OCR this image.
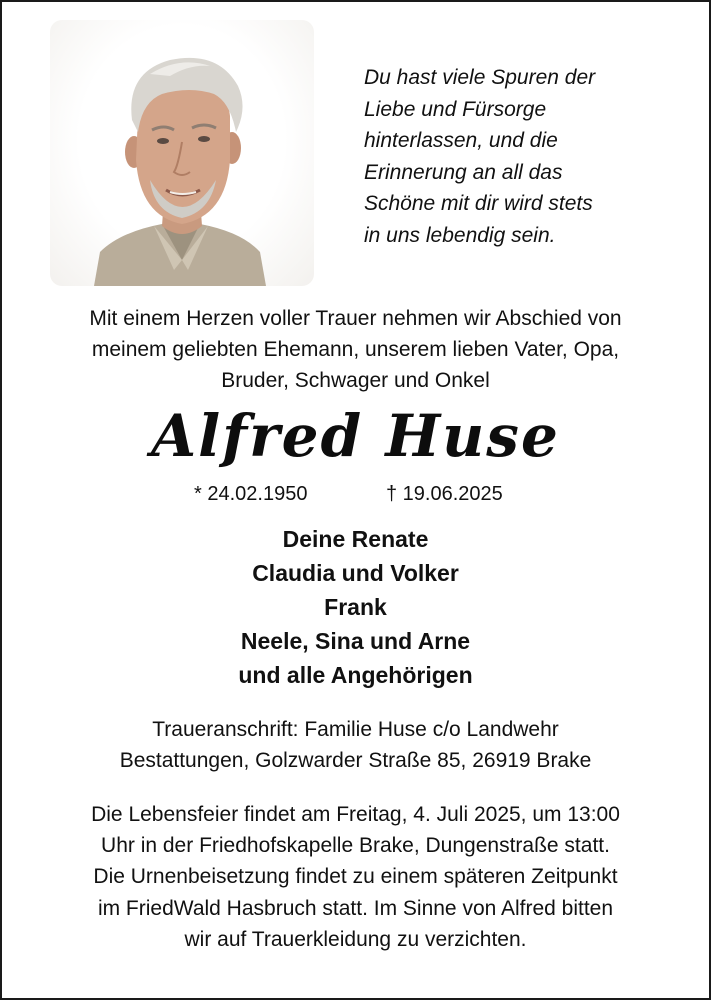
Du hast viele Spuren der
Liebe und Fürsorge
hinterlassen, und die
Erinnerung an all das
Schöne mit dir wird stets
in uns lebendig sein.
Mit einem Herzen voller Trauer nehmen wir Abschied von
meinem geliebten Ehemann, unserem lieben Vater, Opa,
Bruder, Schwager und Onkel
Alfred Huse
* 24.02.1950	† 19.06.2025
Deine Renate
Claudia und Volker
Frank
Neele, Sina und Arne
und alle Angehörigen
Traueranschrift: Familie Huse c/o Landwehr
Bestattungen, Golzwarder Straße 85, 26919 Brake
Die Lebensfeier findet am Freitag, 4. Juli 2025, um 13:00
Uhr in der Friedhofskapelle Brake, Dungenstraße statt.
Die Urnenbeisetzung findet zu einem späteren Zeitpunkt
im FriedWald Hasbruch statt. Im Sinne von Alfred bitten
wir auf Trauerkleidung zu verzichten.
